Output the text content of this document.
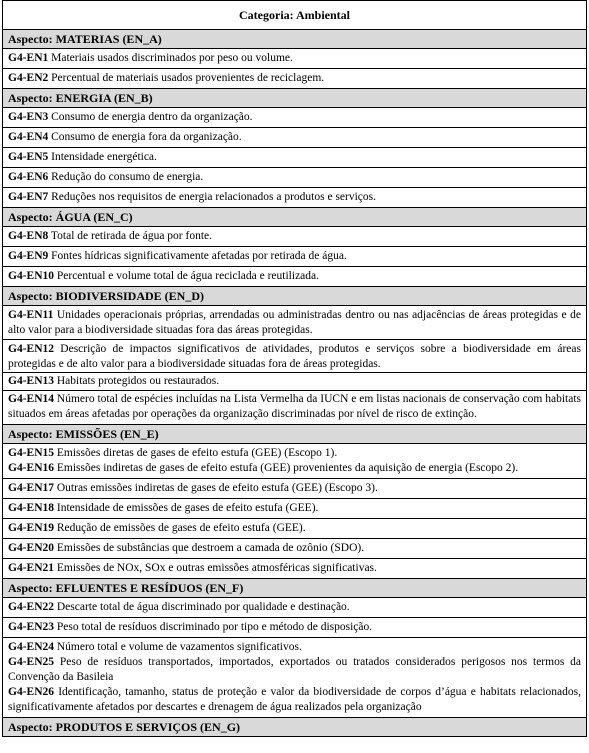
Categoria: Ambiental
Aspecto: MATERIAS (EN_A)
G4-EN1 Materiais usados discriminados por peso ou volume.
G4-EN2 Percentual de materiais usados provenientes de reciclagem.
Aspecto: ENERGIA (EN_B)
G4-EN3 Consumo de energia dentro da organização.
G4-EN4 Consumo de energia fora da organização.
G4-EN5 Intensidade energética.
G4-EN6 Redução do consumo de energia.
G4-EN7 Reduções nos requisitos de energia relacionados a produtos e serviços.
Aspecto: ÁGUA (EN_C)
G4-EN8 Total de retirada de água por fonte.
G4-EN9 Fontes hídricas significativamente afetadas por retirada de água.
G4-EN10 Percentual e volume total de água reciclada e reutilizada.
Aspecto: BIODIVERSIDADE (EN_D)
G4-EN11 Unidades operacionais próprias, arrendadas ou administradas dentro ou nas adjacências de áreas protegidas e de alto valor para a biodiversidade situadas fora das áreas protegidas.
G4-EN12 Descrição de impactos significativos de atividades, produtos e serviços sobre a biodiversidade em áreas protegidas e de alto valor para a biodiversidade situadas fora de áreas protegidas.
G4-EN13 Habitats protegidos ou restaurados.
G4-EN14 Número total de espécies incluídas na Lista Vermelha da IUCN e em listas nacionais de conservação com habitats situados em áreas afetadas por operações da organização discriminadas por nível de risco de extinção.
Aspecto: EMISSÕES (EN_E)
G4-EN15 Emissões diretas de gases de efeito estufa (GEE) (Escopo 1).
G4-EN16 Emissões indiretas de gases de efeito estufa (GEE) provenientes da aquisição de energia (Escopo 2).
G4-EN17 Outras emissões indiretas de gases de efeito estufa (GEE) (Escopo 3).
G4-EN18 Intensidade de emissões de gases de efeito estufa (GEE).
G4-EN19 Redução de emissões de gases de efeito estufa (GEE).
G4-EN20 Emissões de substâncias que destroem a camada de ozônio (SDO).
G4-EN21 Emissões de NOx, SOx e outras emissões atmosféricas significativas.
Aspecto: EFLUENTES E RESÍDUOS (EN_F)
G4-EN22 Descarte total de água discriminado por qualidade e destinação.
G4-EN23 Peso total de resíduos discriminado por tipo e método de disposição.
G4-EN24 Número total e volume de vazamentos significativos.
G4-EN25 Peso de resíduos transportados, importados, exportados ou tratados considerados perigosos nos termos da Convenção da Basileia
G4-EN26 Identificação, tamanho, status de proteção e valor da biodiversidade de corpos d’água e habitats relacionados, significativamente afetados por descartes e drenagem de água realizados pela organização
Aspecto: PRODUTOS E SERVIÇOS (EN_G)
